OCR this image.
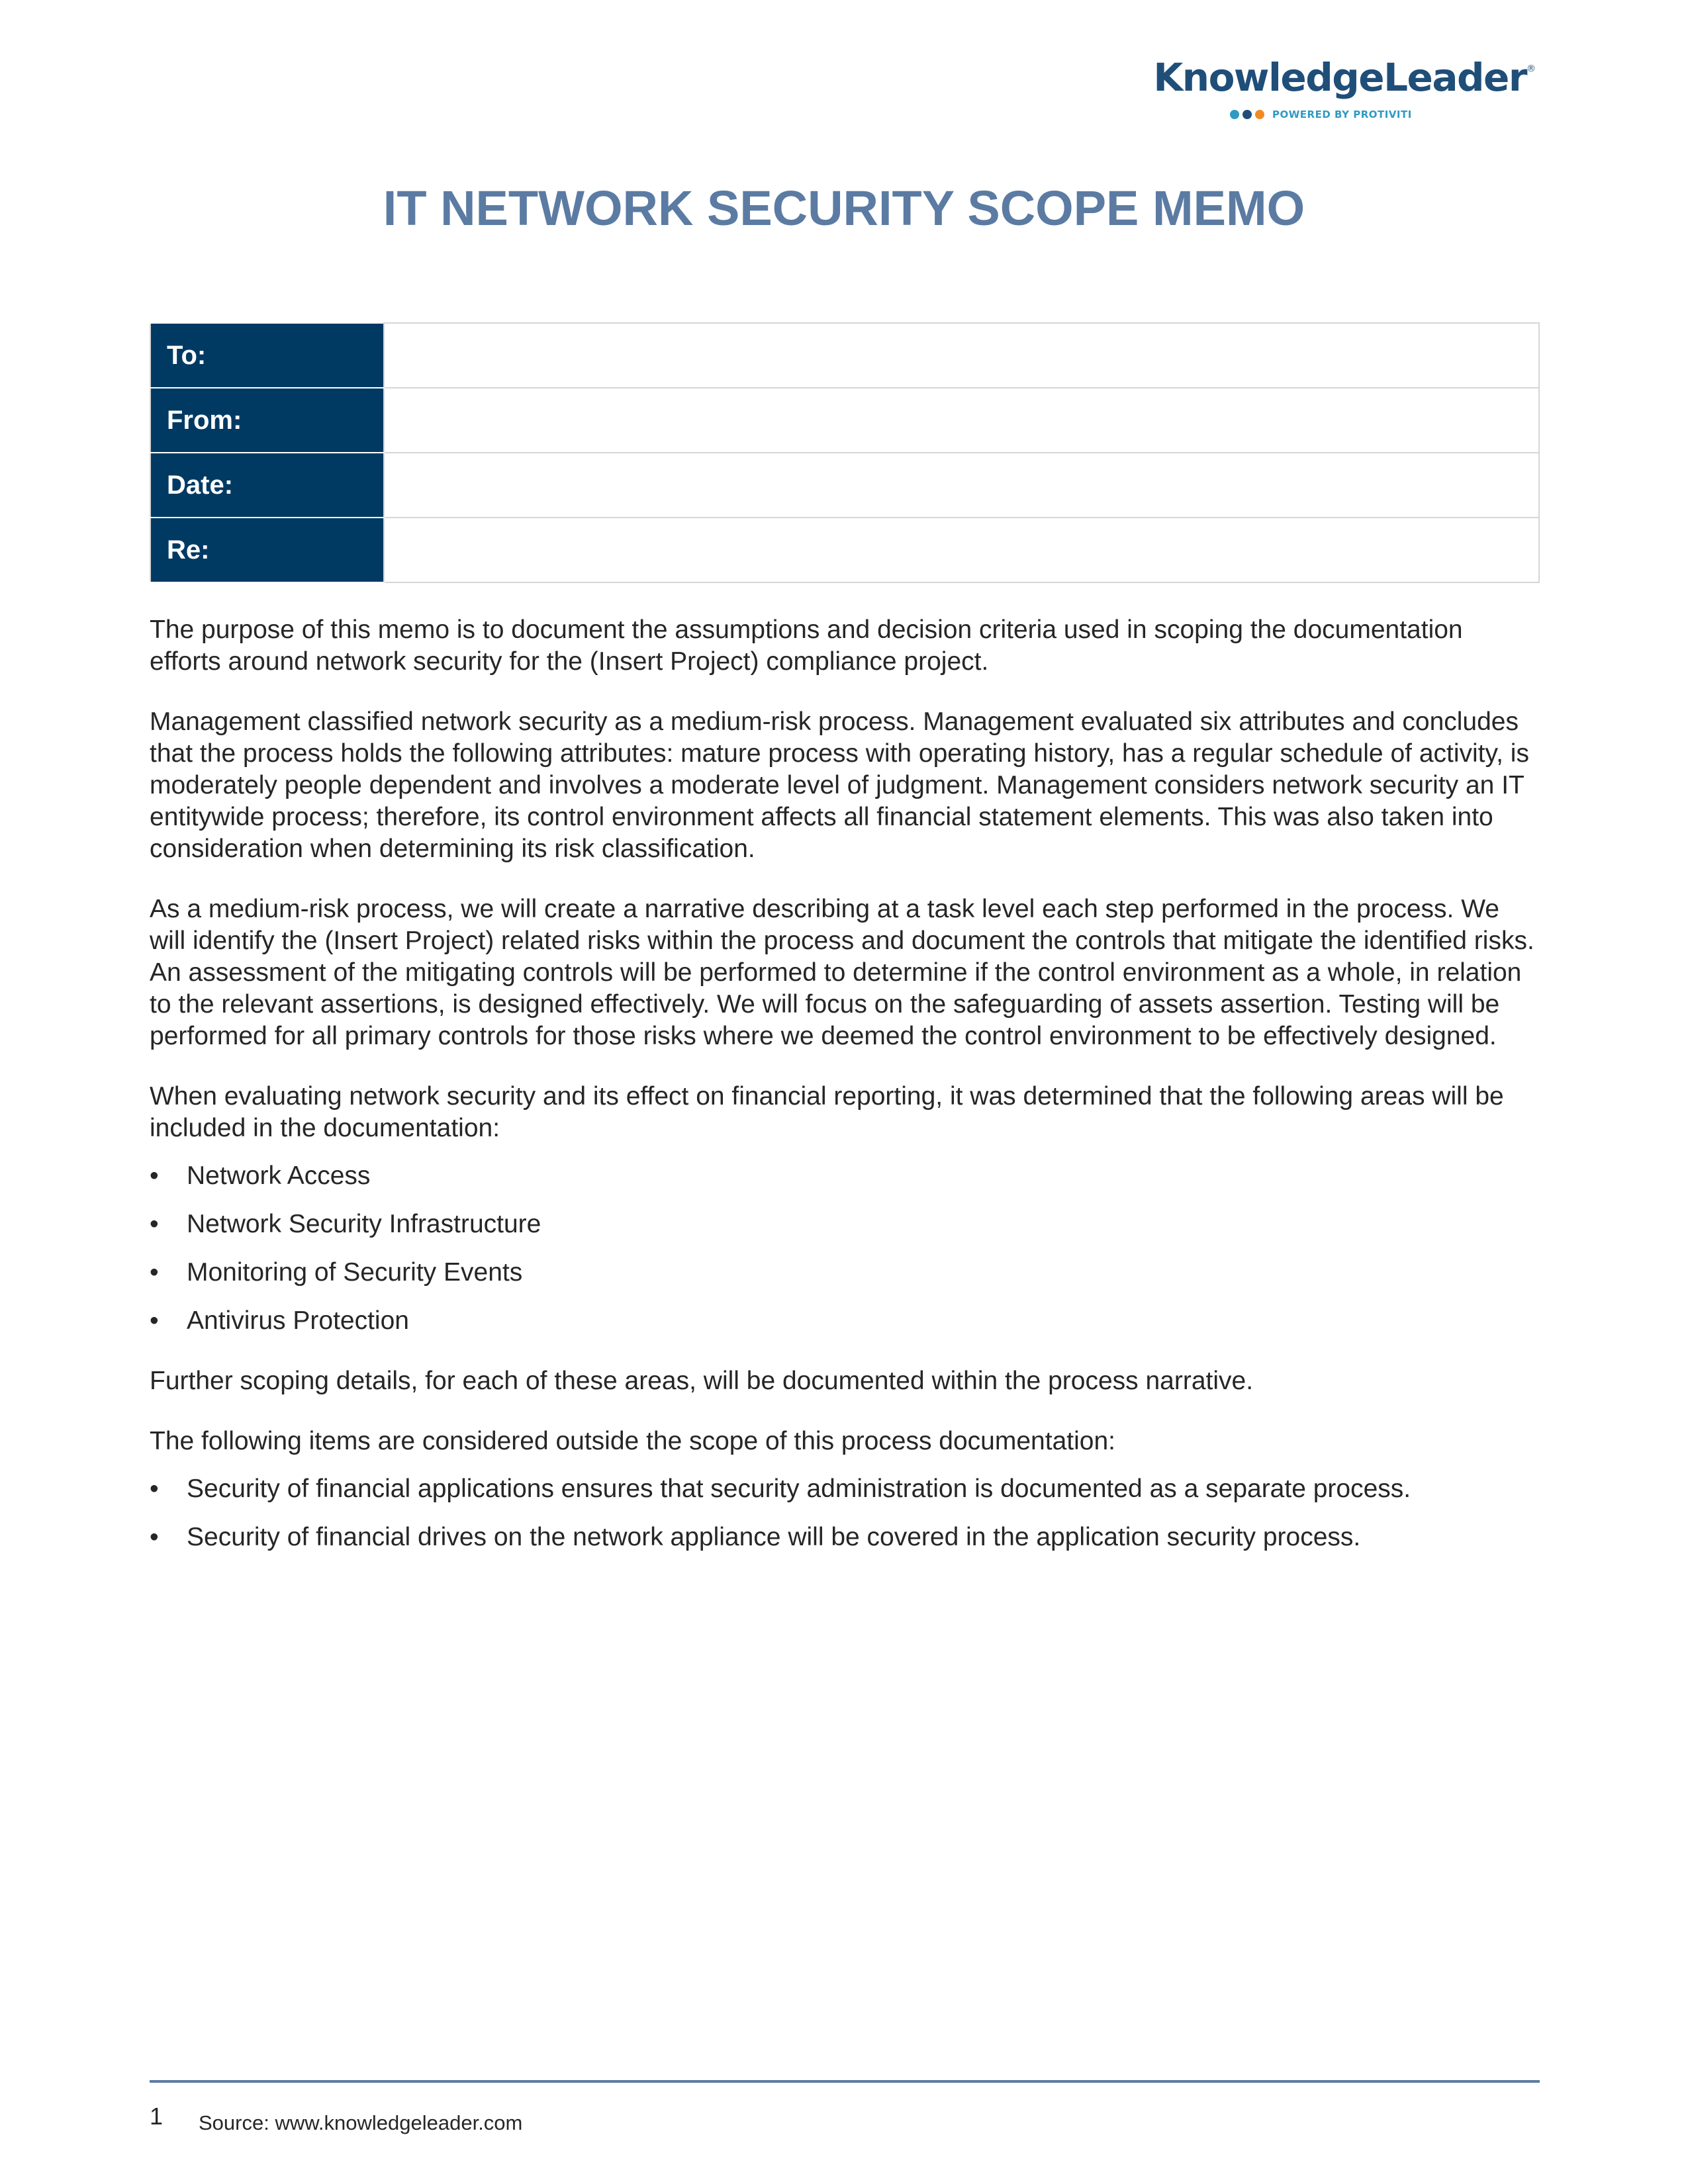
KnowledgeLeader ®
POWERED BY PROTIVITI
IT NETWORK SECURITY SCOPE MEMO
To:	
From:	
Date:	
Re:	

The purpose of this memo is to document the assumptions and decision criteria used in scoping the documentation efforts around network security for the (Insert Project) compliance project.

Management classified network security as a medium-risk process. Management evaluated six attributes and concludes that the process holds the following attributes: mature process with operating history, has a regular schedule of activity, is moderately people dependent and involves a moderate level of judgment. Management considers network security an IT entitywide process; therefore, its control environment affects all financial statement elements. This was also taken into consideration when determining its risk classification.

As a medium-risk process, we will create a narrative describing at a task level each step performed in the process. We will identify the (Insert Project) related risks within the process and document the controls that mitigate the identified risks. An assessment of the mitigating controls will be performed to determine if the control environment as a whole, in relation to the relevant assertions, is designed effectively. We will focus on the safeguarding of assets assertion. Testing will be performed for all primary controls for those risks where we deemed the control environment to be effectively designed.

When evaluating network security and its effect on financial reporting, it was determined that the following areas will be included in the documentation:

• Network Access
• Network Security Infrastructure
• Monitoring of Security Events
• Antivirus Protection

Further scoping details, for each of these areas, will be documented within the process narrative.

The following items are considered outside the scope of this process documentation:

• Security of financial applications ensures that security administration is documented as a separate process.
• Security of financial drives on the network appliance will be covered in the application security process.
1 Source: www.knowledgeleader.com
